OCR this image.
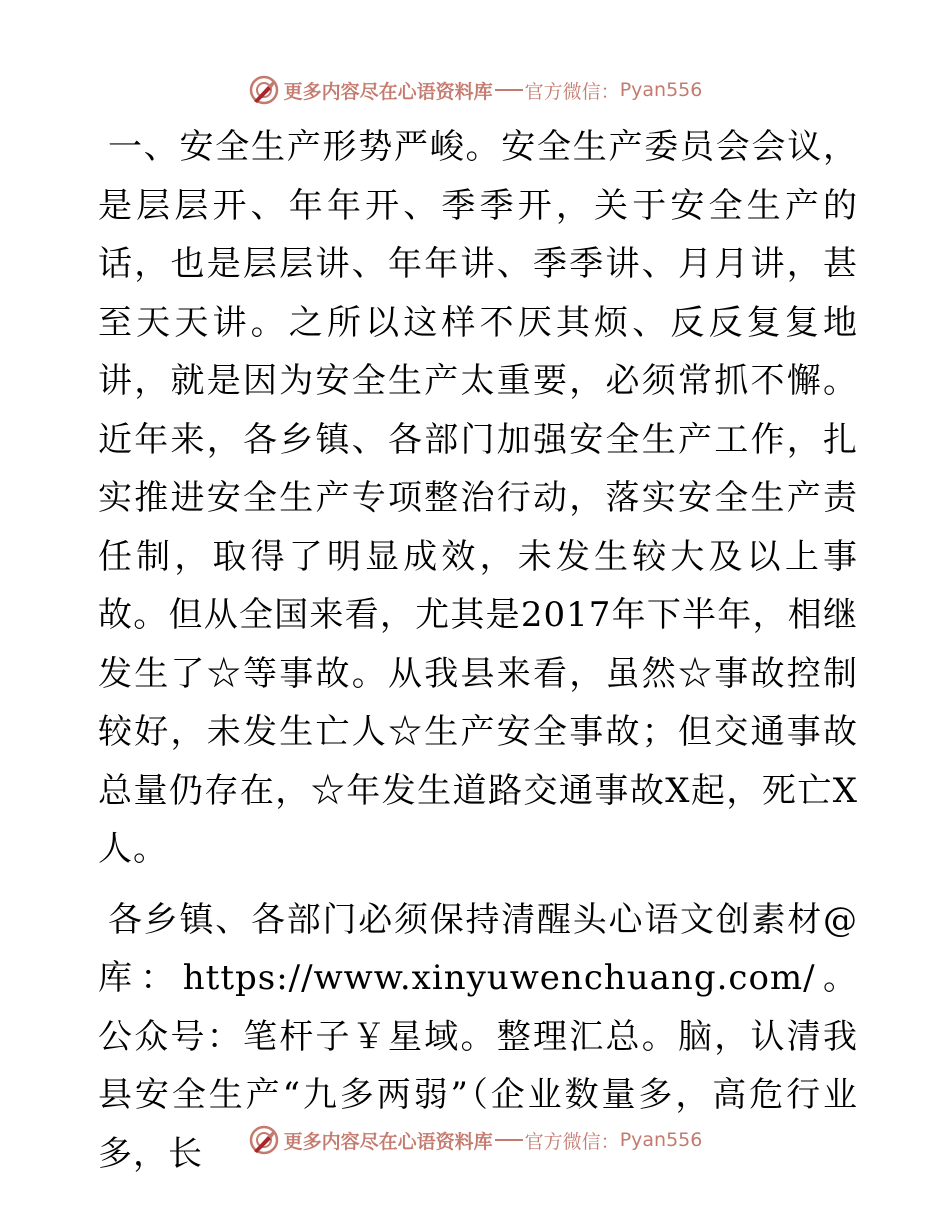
更多内容尽在心语资料库 官方微信： Pyan556

一、安全生产形势严峻。安全生产委员会会议，是层层开、年年开、季季开，关于安全生产的话，也是层层讲、年年讲、季季讲、月月讲，甚至天天讲。之所以这样不厌其烦、反反复复地讲，就是因为安全生产太重要，必须常抓不懈。近年来，各乡镇、各部门加强安全生产工作，扎实推进安全生产专项整治行动，落实安全生产责任制，取得了明显成效，未发生较大及以上事故。但从全国来看，尤其是2017年下半年，相继发生了☆等事故。从我县来看，虽然☆事故控制较好，未发生亡人☆生产安全事故；但交通事故总量仍存在，☆年发生道路交通事故X起，死亡X人。

各乡镇、各部门必须保持清醒头心语文创素材@库：https://www.xinyuwenchuang.com/。公众号：笔杆子￥星域。整理汇总。脑，认清我县安全生产“九多两弱”（企业数量多，高危行业多，长	更多内容尽在心语资料库 官方微信： Pyan556
